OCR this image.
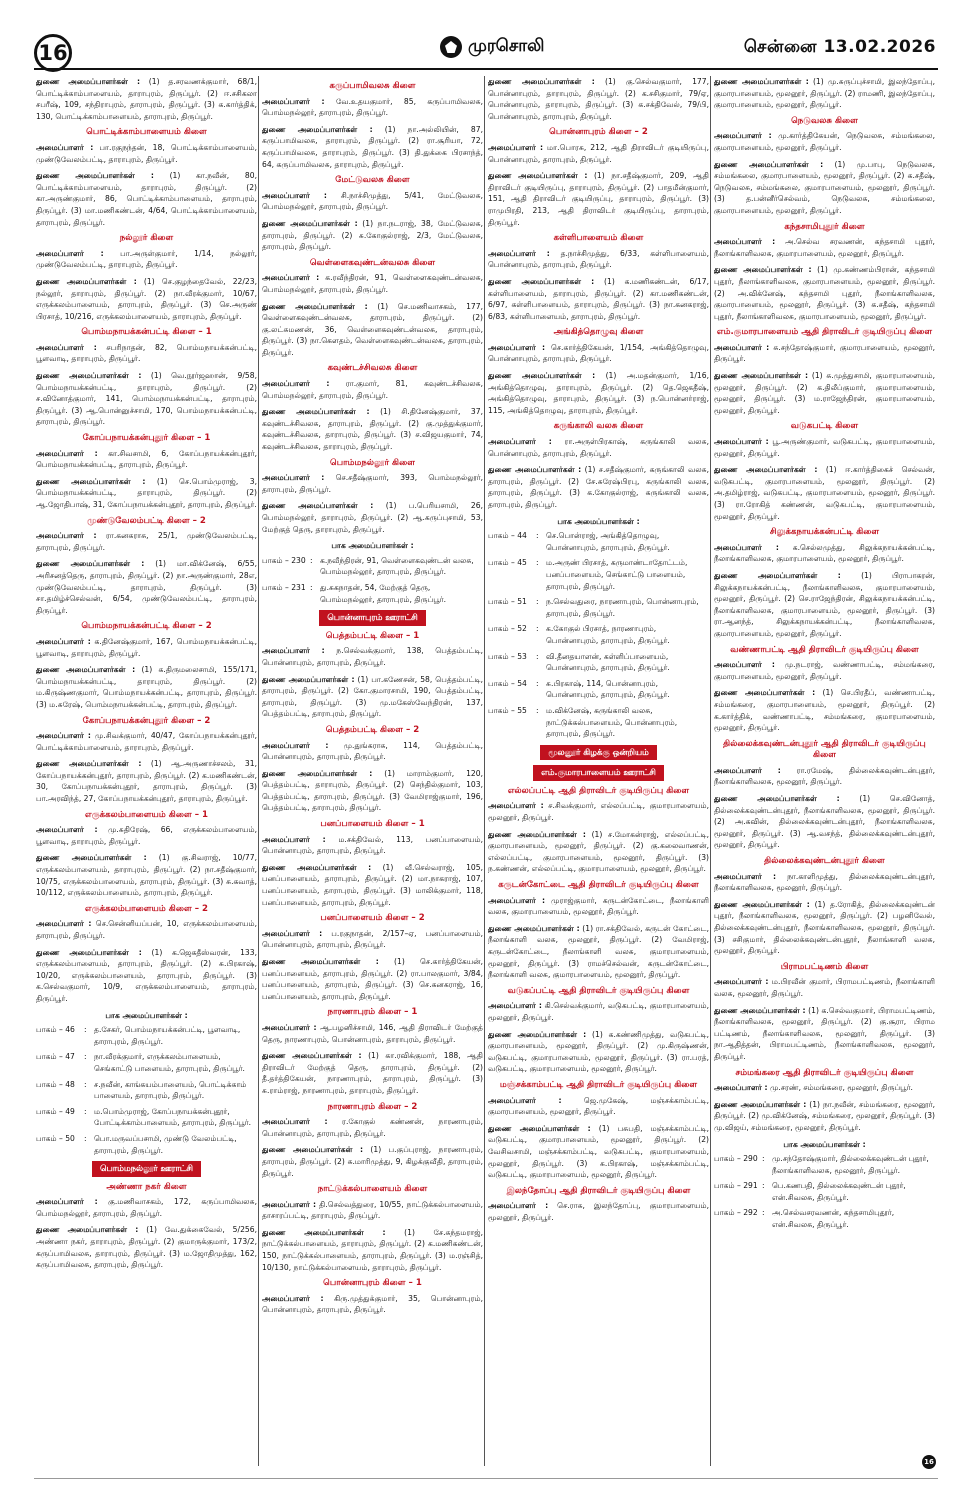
16	முரசொலி	சென்னை 13.02.2026
துணை அமைப்பாளர்கள் : (1) த.சரவணக்குமார், 68/1, பொட்டிக்காம்பாளையம், தாராபுரம், திருப்பூர். (2) ஈ.சசிகலா சபரீஷ், 109, சந்திராபுரம், தாராபுரம், திருப்பூர். (3) க.கார்த்திக், 130, பொட்டிக்காம்பாளையம், தாராபுரம், திருப்பூர்.
பொட்டிக்காம்பாளையம் கிளை
அமைப்பாளர் : பா.ரகுநந்தன், 18, பொட்டிக்காம்பாளையம், முண்டுவேலம்பட்டி, தாராபுரம், திருப்பூர்.
துணை அமைப்பாளர்கள் : (1) கா.நவீன், 80, பொட்டிக்காம்பாளையம், தாராபுரம், திருப்பூர். (2) கா.அருண்குமார், 86, பொட்டிக்காம்பாளையம், தாராபுரம், திருப்பூர். (3) மா.மணிகண்டன், 4/64, பொட்டிக்காம்பாளையம், தாராபுரம், திருப்பூர்.
நல்லூர் கிளை
அமைப்பாளர் : பா.அருள்குமார், 1/14, நல்லூர், முண்டுவேலம்பட்டி, தாராபுரம், திருப்பூர்.
துணை அமைப்பாளர்கள் : (1) செ.குழந்தைவேல், 22/23, நல்லூர், தாராபுரம், திருப்பூர். (2) நா.வீரக்குமார், 10/67, எருக்கலம்பாளையம், தாராபுரம், திருப்பூர். (3) செ.அருண் பிரசாத், 10/216, எருக்கலம்பாளையம், தாராபுரம், திருப்பூர்.
பொம்மநாயக்கன்பட்டி கிளை – 1
அமைப்பாளர் : சபரிநாதன், 82, பொம்மநாயக்கன்பட்டி, பூளவாடி, தாராபுரம், திருப்பூர்.
துணை அமைப்பாளர்கள் : (1) வெ.நூர்ஜஹான், 9/58, பொம்மநாயக்கன்பட்டி, தாராபுரம், திருப்பூர். (2) ச.வினோத்குமார், 141, பொம்மநாயக்கன்பட்டி, தாராபுரம், திருப்பூர். (3) ஆ.பொன்னுச்சாமி, 170, பொம்மநாயக்கன்பட்டி, தாராபுரம், திருப்பூர்.
கோப்பநாயக்கன்புதூர் கிளை – 1
அமைப்பாளர் : கா.சிவசாமி, 6, கோப்பநாயக்கன்புதூர், பொம்மநாயக்கன்பட்டி, தாராபுரம், திருப்பூர்.
துணை அமைப்பாளர்கள் : (1) செ.பொம்முராஜ், 3, பொம்மநாயக்கன்பட்டி, தாராபுரம், திருப்பூர். (2) ஆ.ஜோதிபாஷ், 31, கோப்பநாயக்கன்புதூர், தாராபுரம், திருப்பூர்.
முண்டுவேலம்பட்டி கிளை – 2
அமைப்பாளர் : ரா.கனகராசு, 25/1, முண்டுவேலம்பட்டி, தாராபுரம், திருப்பூர்.
துணை அமைப்பாளர்கள் : (1) மா.விக்னேஷ், 6/55, அரிசனத்தெரு, தாராபுரம், திருப்பூர். (2) நா.அருண்குமார், 28எ, முண்டுவேலம்பட்டி, தாராபுரம், திருப்பூர். (3) சா.தமிழ்ச்செல்வன், 6/54, முண்டுவேலம்பட்டி, தாராபுரம், திருப்பூர்.
பொம்மநாயக்கன்பட்டி கிளை – 2
அமைப்பாளர் : க.தினேஷ்குமார், 167, பொம்மநாயக்கன்பட்டி, பூளவாடி, தாராபுரம், திருப்பூர்.
துணை அமைப்பாளர்கள் : (1) க.திருமலைசாமி, 155/171, பொம்மநாயக்கன்பட்டி, தாராபுரம், திருப்பூர். (2) ம.கிருஷ்ணகுமார், பொம்மநாயக்கன்பட்டி, தாராபுரம், திருப்பூர். (3) ம.சுரேஷ், பொம்மநாயக்கன்பட்டி, தாராபுரம், திருப்பூர்.
கோப்பநாயக்கன்புதூர் கிளை – 2
அமைப்பாளர் : மு.சிவக்குமார், 40/47, கோப்பநாயக்கன்புதூர், பொட்டிக்காம்பாளையம், தாராபுரம், திருப்பூர்.
துணை அமைப்பாளர்கள் : (1) ஆ.அருணாச்சலம், 31, கோப்பநாயக்கன்புதூர், தாராபுரம், திருப்பூர். (2) க.மணிகண்டன், 30, கோப்பநாயக்கன்புதூர், தாராபுரம், திருப்பூர். (3) பா.அரவிந்த், 27, கோப்பநாயக்கன்புதூர், தாராபுரம், திருப்பூர்.
எருக்கலம்பாளையம் கிளை – 1
அமைப்பாளர் : மு.சுதிரேஷ், 66, எருக்கலம்பாளையம், பூளவாடி, தாராபுரம், திருப்பூர்.
துணை அமைப்பாளர்கள் : (1) கு.சிவராஜ், 10/77, எருக்கலம்பாளையம், தாராபுரம், திருப்பூர். (2) நா.சதீஷ்குமார், 10/75, எருக்கலம்பாளையம், தாராபுரம், திருப்பூர். (3) சு.கவாத், 10/112, எருக்கலம்பாளையம், தாராபுரம், திருப்பூர்.
எருக்கலம்பாளையம் கிளை – 2
அமைப்பாளர் : செ.சென்னியப்பன், 10, எருக்கலம்பாளையம், தாராபுரம், திருப்பூர்.
துணை அமைப்பாளர்கள் : (1) க.ஜெகதீஸ்வரன், 133, எருக்கலம்பாளையம், தாராபுரம், திருப்பூர். (2) சு.பிரகாஷ், 10/20, எருக்கலம்பாளையம், தாராபுரம், திருப்பூர். (3) க.செல்வகுமார், 10/9, எருக்கலம்பாளையம், தாராபுரம், திருப்பூர்.
பாக அமைப்பாளர்கள் :
பாகம் – 46	: த.சேகர், பொம்மநாயக்கன்பட்டி, பூளவாடி, தாராபுரம், திருப்பூர்.
பாகம் – 47	: நா.வீரக்குமார், எருக்கலம்பாளையம், செங்காட்டு பாளையம், தாராபுரம், திருப்பூர்.
பாகம் – 48	: ச.நவீன், காங்கயம்பாளையம், பொட்டிக்காம் பாளையம், தாராபுரம், திருப்பூர்.
பாகம் – 49	: ம.பொம்முராஜ், கோப்பநாயக்கன்புதூர், போட்டிக்காம்பாளையம், தாராபுரம், திருப்பூர்.
பாகம் – 50	: பொ.மருவப்பசாமி, முண்டு வேலம்பட்டி, தாராபுரம், திருப்பூர்.
பொம்மநல்லூர் ஊராட்சி
அண்ணா நகர் கிளை
அமைப்பாளர் : கு.மணிவாசகம், 172, கருப்பாமிவலசு, பொம்மநல்லூர், தாராபுரம், திருப்பூர்.
துணை அமைப்பாளர்கள் : (1) வே.துக்கைவேல், 5/256, அண்ணா நகர், தாராபுரம், திருப்பூர். (2) குமாருக்குமார், 173/2, கருப்பாமிவலசு, தாராபுரம், திருப்பூர். (3) ம.ஜோதிமுத்து, 162, கருப்பாமிவலசு, தாராபுரம், திருப்பூர்.
கருப்பாமிவலசு கிளை
அமைப்பாளர் : வே.உதயகுமார், 85, கருப்பாமிவலசு, பொம்மநல்லூர், தாராபுரம், திருப்பூர்.
துணை அமைப்பாளர்கள் : (1) நா.அல்லியின், 87, கருப்பாமிவலசு, தாராபுரம், திருப்பூர். (2) ரா.சூரியா, 72, கருப்பாமிவலசு, தாராபுரம், திருப்பூர். (3) தி.துக்கை பிரசாந்த், 64, கருப்பாமிவலசு, தாராபுரம், திருப்பூர்.
மேட்டுவலசு கிளை
அமைப்பாளர் : சி.நாச்சிமுத்து, 5/41, மேட்டுவலசு, பொம்மநல்லூர், தாராபுரம், திருப்பூர்.
துணை அமைப்பாளர்கள் : (1) நா.நடராஜ், 38, மேட்டுவலசு, தாராபுரம், திருப்பூர். (2) சு.கோகுல்ராஜ், 2/3, மேட்டுவலசு, தாராபுரம், திருப்பூர்.
வெள்ளைகவுண்டன்வலசு கிளை
அமைப்பாளர் : க.ரவீந்திரன், 91, வெள்ளைகவுண்டன்வலசு, பொம்மநல்லூர், தாராபுரம், திருப்பூர்.
துணை அமைப்பாளர்கள் : (1) செ.மணிவாசகம், 177, வெள்ளைகவுண்டன்வலசு, தாராபுரம், திருப்பூர். (2) கு.லட்சுமணன், 36, வெள்ளைகவுண்டன்வலசு, தாராபுரம், திருப்பூர். (3) நா.கௌதம், வெள்ளைகவுண்டன்வலசு, தாராபுரம், திருப்பூர்.
கவுண்டச்சிவலசு கிளை
அமைப்பாளர் : ரா.குமார், 81, கவுண்டச்சிவலசு, பொம்மநல்லூர், தாராபுரம், திருப்பூர்.
துணை அமைப்பாளர்கள் : (1) சி.தினேஷ்குமார், 37, கவுண்டச்சிவலசு, தாராபுரம், திருப்பூர். (2) கு.முத்துக்குமார், கவுண்டச்சிவலசு, தாராபுரம், திருப்பூர். (3) ச.விஜயகுமார், 74, கவுண்டச்சிவலசு, தாராபுரம், திருப்பூர்.
பொம்மநல்லூர் கிளை
அமைப்பாளர் : செ.சதீஷ்குமார், 393, பொம்மநல்லூர், தாராபுரம், திருப்பூர்.
துணை அமைப்பாளர்கள் : (1) ப.பெரியசாமி, 26, பொம்மநல்லூர், தாராபுரம், திருப்பூர். (2) ஆ.கருப்புசாமி, 53, மேற்குத் தெரு, தாராபுரம், திருப்பூர்.
பாக அமைப்பாளர்கள் :
பாகம் – 230 : க.நவீந்திரன், 91, வெள்ளைகவுண்டன் வலசு, பொம்மநல்லூர், தாராபுரம், திருப்பூர்.
பாகம் – 231 : து.சுகநாதன், 54, மேற்குத் தெரு, பொம்மநல்லூர், தாராபுரம், திருப்பூர்.
பொன்னாபுரம் ஊராட்சி
பெத்தம்பட்டி கிளை – 1
அமைப்பாளர் : ந.செல்வக்குமார், 138, பெத்தம்பட்டி, பொன்னாபுரம், தாராபுரம், திருப்பூர்.
துணை அமைப்பாளர்கள் : (1) பா.கணேசன், 58, பெத்தம்பட்டி, தாராபுரம், திருப்பூர். (2) கோ.குமாரசாமி, 190, பெத்தம்பட்டி, தாராபுரம், திருப்பூர். (3) மு.மகேஸ்வேந்திரன், 137, பெத்தம்பட்டி, தாராபுரம், திருப்பூர்.
பெத்தம்பட்டி கிளை – 2
அமைப்பாளர் : மு.துங்கராசு, 114, பெத்தம்பட்டி, பொன்னாபுரம், தாராபுரம், திருப்பூர்.
துணை அமைப்பாளர்கள் : (1) மாராம்குமார், 120, பெத்தம்பட்டி, தாராபுரம், திருப்பூர். (2) செந்தில்குமார், 103, பெத்தம்பட்டி, தாராபுரம், திருப்பூர். (3) வேமிராஜ்குமார், 196, பெத்தம்பட்டி, தாராபுரம், திருப்பூர்.
பனப்பாளையம் கிளை – 1
அமைப்பாளர் : ம.சக்திவேல், 113, பனப்பாளையம், பொன்னாபுரம், தாராபுரம், திருப்பூர்.
துணை அமைப்பாளர்கள் : (1) வீ.செல்வராஜ், 105, பனப்பாளையம், தாராபுரம், திருப்பூர். (2) மா.நாகராஜ், 107, பனப்பாளையம், தாராபுரம், திருப்பூர். (3) மாலிக்குமார், 118, பனப்பாளையம், தாராபுரம், திருப்பூர்.
பனப்பாளையம் கிளை – 2
அமைப்பாளர் : ப.ரகுநாதன், 2/157–ஏ, பனப்பாளையம், பொன்னாபுரம், தாராபுரம், திருப்பூர்.
துணை அமைப்பாளர்கள் : (1) செ.கார்த்திகேயன், பனப்பாளையம், தாராபுரம், திருப்பூர். (2) ரா.பாலகுமார், 3/84, பனப்பாளையம், தாராபுரம், திருப்பூர். (3) செ.கனகராஜ், 16, பனப்பாளையம், தாராபுரம், திருப்பூர்.
நாரணாபுரம் கிளை – 1
அமைப்பாளர் : ஆ.பழனிச்சாமி, 146, ஆதி திராவிடர் மேற்குத் தெரு, நாரணாபுரம், பொன்னாபுரம், தாராபுரம், திருப்பூர்.
துணை அமைப்பாளர்கள் : (1) கா.ரவிக்குமார், 188, ஆதி திராவிடர் மேற்குத் தெரு, தாராபுரம், திருப்பூர். (2) தீ.தர்த்திகேயன், நாரணாபுரம், தாராபுரம், திருப்பூர். (3) சு.ராம்ராஜ், நாரணாபுரம், தாராபுரம், திருப்பூர்.
நாரணாபுரம் கிளை – 2
அமைப்பாளர் : ர.கோகுல் கண்ணன், நாரணாபுரம், பொன்னாபுரம், தாராபுரம், திருப்பூர்.
துணை அமைப்பாளர்கள் : (1) ப.குப்புராஜ், நாரணாபுரம், தாராபுரம், திருப்பூர். (2) சு.மாரிமுத்து, 9, கிழக்குவீதி, தாராபுரம், திருப்பூர்.
நாட்டுக்கல்பாளையம் கிளை
அமைப்பாளர் : தி.செல்வத்துரை, 10/55, நாட்டுக்கல்பாளையம், தாசாரப்பட்டி, தாராபுரம், திருப்பூர்.
துணை அமைப்பாளர்கள் : (1) சே.சுந்தமராஜ், நாட்டுக்கல்பாளையம், தாராபுரம், திருப்பூர். (2) க.மணிகண்டன், 150, நாட்டுக்கல்பாளையம், தாராபுரம், திருப்பூர். (3) ம.ரஞ்சித், 10/130, நாட்டுக்கல்பாளையம், தாராபுரம், திருப்பூர்.
பொன்னாபுரம் கிளை – 1
அமைப்பாளர் : கிரு.முத்துக்குமார், 35, பொன்னாபுரம், பொன்னாபுரம், தாராபுரம், திருப்பூர்.
துணை அமைப்பாளர்கள் : (1) கு.செல்வகுமார், 177, பொன்னாபுரம், தாராபுரம், திருப்பூர். (2) க.சசிகுமார், 79/ஏ, பொன்னாபுரம், தாராபுரம், திருப்பூர். (3) க.சக்திவேல், 79/பி, பொன்னாபுரம், தாராபுரம், திருப்பூர்.
பொன்னாபுரம் கிளை – 2
அமைப்பாளர் : மா.பொரசு, 212, ஆதி திராவிடர் குடியிருப்பு, பொன்னாபுரம், தாராபுரம், திருப்பூர்.
துணை அமைப்பாளர்கள் : (1) நா.சதீஷ்குமார், 209, ஆதி திராவிடர் குடியிருப்பு, தாராபுரம், திருப்பூர். (2) பாதமீன்குமார், 151, ஆதி திராவிடர் குடியிருப்பு, தாராபுரம், திருப்பூர். (3) ராமுபிரதி, 213, ஆதி திராவிடர் குடியிருப்பு, தாராபுரம், திருப்பூர்.
கள்ளிபாளையம் கிளை
அமைப்பாளர் : த.நாச்சிமுத்து, 6/33, கள்ளிபாளையம், பொன்னாபுரம், தாராபுரம், திருப்பூர்.
துணை அமைப்பாளர்கள் : (1) க.மணிகண்டன், 6/17, கள்ளிபாளையம், தாராபுரம், திருப்பூர். (2) கா.மணிகண்டன், 6/97, கள்ளிபாளையம், தாராபுரம், திருப்பூர். (3) நா.கனகராஜ், 6/83, கள்ளிபாளையம், தாராபுரம், திருப்பூர்.
அங்கித்தொழுவு கிளை
அமைப்பாளர் : செ.கார்த்திகேயன், 1/154, அங்கித்தொழுவு, பொன்னாபுரம், தாராபுரம், திருப்பூர்.
துணை அமைப்பாளர்கள் : (1) அ.மதன்குமார், 1/16, அங்கித்தொழுவு, தாராபுரம், திருப்பூர். (2) தெ.ஜெகதீஷ், அங்கித்தொழுவு, தாராபுரம், திருப்பூர். (3) ந.பொன்னர்ராஜ், 115, அங்கித்தொழுவு, தாராபுரம், திருப்பூர்.
கருங்காலி வலசு கிளை
அமைப்பாளர் : ரா.அருள்பிரகாஷ், கருங்காலி வலசு, பொன்னாபுரம், தாராபுரம், திருப்பூர்.
துணை அமைப்பாளர்கள் : (1) ச.சதீஷ்குமார், கருங்காலி வலசு, தாராபுரம், திருப்பூர். (2) சே.சுரேஷ்பிரபு, கருங்காலி வலசு, தாராபுரம், திருப்பூர். (3) க.கோகுல்ராஜ், கருங்காலி வலசு, தாராபுரம், திருப்பூர்.
பாக அமைப்பாளர்கள் :
பாகம் – 44	: செ.பொன்ராஜ், அங்கித்தொழுவு, பொன்னாபுரம், தாராபுரம், திருப்பூர்.
பாகம் – 45	: ம.அருண் பிரசாத், கருமாண்டாதோட்டம், பனப்பாளையம், செங்காட்டு பாளையம், தாராபுரம், திருப்பூர்.
பாகம் – 51	: ந.செல்வதுரை, நாரணாபுரம், பொன்னாபுரம், தாராபுரம், திருப்பூர்.
பாகம் – 52	: க.கோகுல் பிரசாத், நாரணாபுரம், பொன்னாபுரம், தாராபுரம், திருப்பூர்.
பாகம் – 53	: வி.தீனதயாளன், கள்ளிப்பாளையம், பொன்னாபுரம், தாராபுரம், திருப்பூர்.
பாகம் – 54	: சு.பிரகாஷ், 114, பொன்னாபுரம், பொன்னாபுரம், தாராபுரம், திருப்பூர்.
பாகம் – 55	: ம.விக்னேஷ், கருங்காலி வலசு, நாட்டுக்கல்பாளையம், பொன்னாபுரம், தாராபுரம், திருப்பூர்.
மூலனூர் கிழக்கு ஒன்றியம்
எம்.குமாரபாளையம் ஊராட்சி
எல்லப்பட்டி ஆதி திராவிடர் குடியிருப்பு கிளை
அமைப்பாளர் : ச.சிவக்குமார், எல்லப்பட்டி, குமாரபாளையம், மூலனூர், திருப்பூர்.
துணை அமைப்பாளர்கள் : (1) ச.மோகன்ராஜ், எல்லப்பட்டி, குமாரபாளையம், மூலனூர், திருப்பூர். (2) கு.கலைவாணன், எல்லப்பட்டி, குமாரபாளையம், மூலனூர், திருப்பூர். (3) ந.கண்ணன், எல்லப்பட்டி, குமாரபாளையம், மூலனூர், திருப்பூர்.
கருடன்கோட்டை ஆதி திராவிடர் குடியிருப்பு கிளை
அமைப்பாளர் : முராஜ்குமார், கருடன்கோட்டை, நீலாங்காளி வலசு, குமாரபாளையம், மூலனூர், திருப்பூர்.
துணை அமைப்பாளர்கள் : (1) ரா.சக்திவேல், கருடன் கோட்டை, நீலாங்காளி வலசு, மூலனூர், திருப்பூர். (2) வேமிராஜ், கருடன்கோட்டை, நீலாங்காளி வலசு, குமாரபாளையம், மூலனூர், திருப்பூர். (3) ராமச்செல்வன், கருடன்கோட்டை, நீலாங்காளி வலசு, குமாரபாளையம், மூலனூர், திருப்பூர்.
வடுகப்பட்டி ஆதி திராவிடர் குடியிருப்பு கிளை
அமைப்பாளர் : கி.செல்வக்குமார், வடுகபட்டி, குமாரபாளையம், மூலனூர், திருப்பூர்.
துணை அமைப்பாளர்கள் : (1) க.கண்ணிமுத்து, வடுகபட்டி, குமாரபாளையம், மூலனூர், திருப்பூர். (2) மு.கிருஷ்ணன், வடுகபட்டி, குமாரபாளையம், மூலனூர், திருப்பூர். (3) ரா.பரத், வடுகபட்டி, குமாரபாளையம், மூலனூர், திருப்பூர்.
மஞ்சக்காம்பட்டி ஆதி திராவிடர் குடியிருப்பு கிளை
அமைப்பாளர் :	ஜெ.முகேஷ், மஞ்சக்காம்பட்டி, குமாரபாளையம், மூலனூர், திருப்பூர்.
துணை அமைப்பாளர்கள் : (1) பசுபதி, மஞ்சக்காம்பட்டி, வடுகபட்டி, குமாரபாளையம், மூலனூர், திருப்பூர். (2) வேசிவசாமி, மஞ்சக்காம்பட்டி, வடுகபட்டி, குமாரபாளையம், மூலனூர், திருப்பூர். (3) சு.பிரகாஷ், மஞ்சக்காம்பட்டி, வடுகபட்டி, குமாரபாளையம், மூலனூர், திருப்பூர்.
இலந்தோப்பு ஆதி திராவிடர் குடியிருப்பு கிளை
அமைப்பாளர் : செ.ராசு, இலந்தோப்பு, குமாரபாளையம், மூலனூர், திருப்பூர்.
துணை அமைப்பாளர்கள் : (1) மு.சுருப்புச்சாமி, இலந்தோப்பு, குமாரபாளையம், மூலனூர், திருப்பூர். (2) ராமணி, இலந்தோப்பு, குமாரபாளையம், மூலனூர், திருப்பூர்.
நெடுவலசு கிளை
அமைப்பாளர் : மு.கார்த்திகேயன், நெடுவலசு, சம்மங்கலை, குமாரபாளையம், மூலனூர், திருப்பூர்.
துணை அமைப்பாளர்கள் : (1) மு.பாபு, நெடுவலசு, சம்மங்கலை, குமாரபாளையம், மூலனூர், திருப்பூர். (2) க.சதீஷ், நெடுவலசு, சம்மங்கலை, குமாரபாளையம், மூலனூர், திருப்பூர். (3) த.பன்னீர்செல்வம், நெடுவலசு, சம்மங்கலை, குமாரபாளையம், மூலனூர், திருப்பூர்.
கந்தசாமிபுதூர் கிளை
அமைப்பாளர் : அ.செல்வ சரவணன், கந்தசாமி புதூர், நீலாங்காளிவலசு, குமாரபாளையம், மூலனூர், திருப்பூர்.
துணை அமைப்பாளர்கள் : (1) மு.கண்ணம்பிரான், கந்தசாமி புதூர், நீலாங்காளிவலசு, குமாரபாளையம், மூலனூர், திருப்பூர். (2) அ.விக்னேஷ், கந்தசாமி புதூர், நீலாங்காளிவலசு, குமாரபாளையம், மூலனூர், திருப்பூர். (3) க.சதீஷ், கந்தசாமி புதூர், நீலாங்காளிவலசு, குமாரபாளையம், மூலனூர், திருப்பூர்.
எம்.குமாரபாளையம் ஆதி திராவிடர் குடியிருப்பு கிளை
அமைப்பாளர் : சு.சந்தோஷ்குமார், குமாரபாளையம், மூலனூர், திருப்பூர்.
துணை அமைப்பாளர்கள் : (1) சு.முத்துசாமி, குமாரபாளையம், மூலனூர், திருப்பூர். (2) க.திலீப்குமார், குமாரபாளையம், மூலனூர், திருப்பூர். (3) ம.ராஜேந்திரன், குமாரபாளையம், மூலனூர், திருப்பூர்.
வடுகபட்டி கிளை
அமைப்பாளர் : பூ.அருண்குமார், வடுகபட்டி, குமாரபாளையம், மூலனூர், திருப்பூர்.
துணை அமைப்பாளர்கள் : (1) ஈ.கார்த்திகைச் செல்வன், வடுகபட்டி, குமாரபாளையம், மூலனூர், திருப்பூர். (2) அ.தமிழ்ராஜ், வடுகபட்டி, குமாரபாளையம், மூலனூர், திருப்பூர். (3) ரா.ரோகித் கண்ணன், வடுகபட்டி, குமாரபாளையம், மூலனூர், திருப்பூர்.
சிலுக்கநாயக்கன்பட்டி கிளை
அமைப்பாளர் : க.செல்லமுத்து, சிலுக்கநாயக்கன்பட்டி, நீலாங்காளிவலசு, குமாரபாளையம், மூலனூர், திருப்பூர்.
துணை அமைப்பாளர்கள் :	(1) பிராபாகரன், சிலுக்கநாயக்கன்பட்டி, நீலாங்காளிவலசு, குமாரபாளையம், மூலனூர், திருப்பூர். (2) செ.ராஜேந்திரன், சிலுக்கநாயக்கன்பட்டி, நீலாங்காளிவலசு, குமாரபாளையம், மூலனூர், திருப்பூர். (3) ரா.ஆனந்த், சிலுக்கநாயக்கன்பட்டி, நீலாங்காளிவலசு, குமாரபாளையம், மூலனூர், திருப்பூர்.
வண்ணாபட்டி ஆதி திராவிடர் குடியிருப்பு கிளை
அமைப்பாளர் : மு.நடராஜ், வண்ணாபட்டி, சம்மங்கரை, குமாரபாளையம், மூலனூர், திருப்பூர்.
துணை அமைப்பாளர்கள் : (1) செ.பிரதீப், வண்ணாபட்டி, சம்மங்கரை, குமாரபாளையம், மூலனூர், திருப்பூர். (2) க.கார்த்திக், வண்ணாபட்டி, சம்மங்கரை, குமாரபாளையம், மூலனூர், திருப்பூர்.
தில்லைக்கவுண்டன்புதூர் ஆதி திராவிடர் குடியிருப்பு கிளை
அமைப்பாளர் : ரா.ரமேஷ், தில்லைக்கவுண்டன்புதூர், நீலாங்காளிவலசு, மூலனூர், திருப்பூர்.
துணை அமைப்பாளர்கள் :	(1) செ.வினோத், தில்லைக்கவுண்டன்புதூர், நீலாங்காளிவலசு, மூலனூர், திருப்பூர். (2) அ.கவின், தில்லைக்கவுண்டன்புதூர், நீலாங்காளிவலசு, மூலனூர், திருப்பூர். (3) ஆ.வசந்த், தில்லைக்கவுண்டன்புதூர், மூலனூர், திருப்பூர்.
தில்லைக்கவுண்டன்புதூர் கிளை
அமைப்பாளர் : நா.காளிமுத்து, தில்லைக்கவுண்டன்புதூர், நீலாங்காளிவலசு, மூலனூர், திருப்பூர்.
துணை அமைப்பாளர்கள் : (1) த.ரோகித், தில்லைக்கவுண்டன் புதூர், நீலாங்காளிவலசு, மூலனூர், திருப்பூர். (2) பழனிவேல், தில்லைக்கவுண்டன்புதூர், நீலாங்காளிவலசு, மூலனூர், திருப்பூர். (3) சசிகுமார், தில்லைக்கவுண்டன்புதூர், நீலாங்காளி வலசு, மூலனூர், திருப்பூர்.
பிராமபட்டிணம் கிளை
அமைப்பாளர் : ம.பிரவீன் குமார், பிராமபட்டிணம், நீலாங்காளி வலசு, மூலனூர், திருப்பூர்.
துணை அமைப்பாளர்கள் : (1) க.செல்வகுமார், பிராமபட்டிணம், நீலாங்காளிவலசு, மூலனூர், திருப்பூர். (2) கு.சூரா, பிராம பட்டிணம், நீலாங்காளிவலசு, மூலனூர், திருப்பூர். (3) நா.ஆதித்தன், பிராமபட்டிணம், நீலாங்காளிவலசு, மூலனூர், திருப்பூர்.
சம்மங்கரை ஆதி திராவிடர் குடியிருப்பு கிளை
அமைப்பாளர் : மு.சரண், சம்மங்கரை, மூலனூர், திருப்பூர்.
துணை அமைப்பாளர்கள் : (1) நா.நவீன், சம்மங்கரை, மூலனூர், திருப்பூர். (2) மு.விக்னேஷ், சம்மங்கரை, மூலனூர், திருப்பூர். (3) மு.விஜய், சம்மங்கரை, மூலனூர், திருப்பூர்.
பாக அமைப்பாளர்கள் :
பாகம் – 290 : மு.சந்தோஷ்குமார், தில்லைக்கவுண்டன் புதூர், நீலாங்காளிவலசு, மூலனூர், திருப்பூர்.
பாகம் – 291 : பெ.கணபதி, தில்லைக்கவுண்டன் புதூர், என்.சிவலசு, திருப்பூர்.
பாகம் – 292 : அ.செல்வசரவணன், கந்தசாமிபுதூர், என்.சிவலசு, திருப்பூர்.
16
